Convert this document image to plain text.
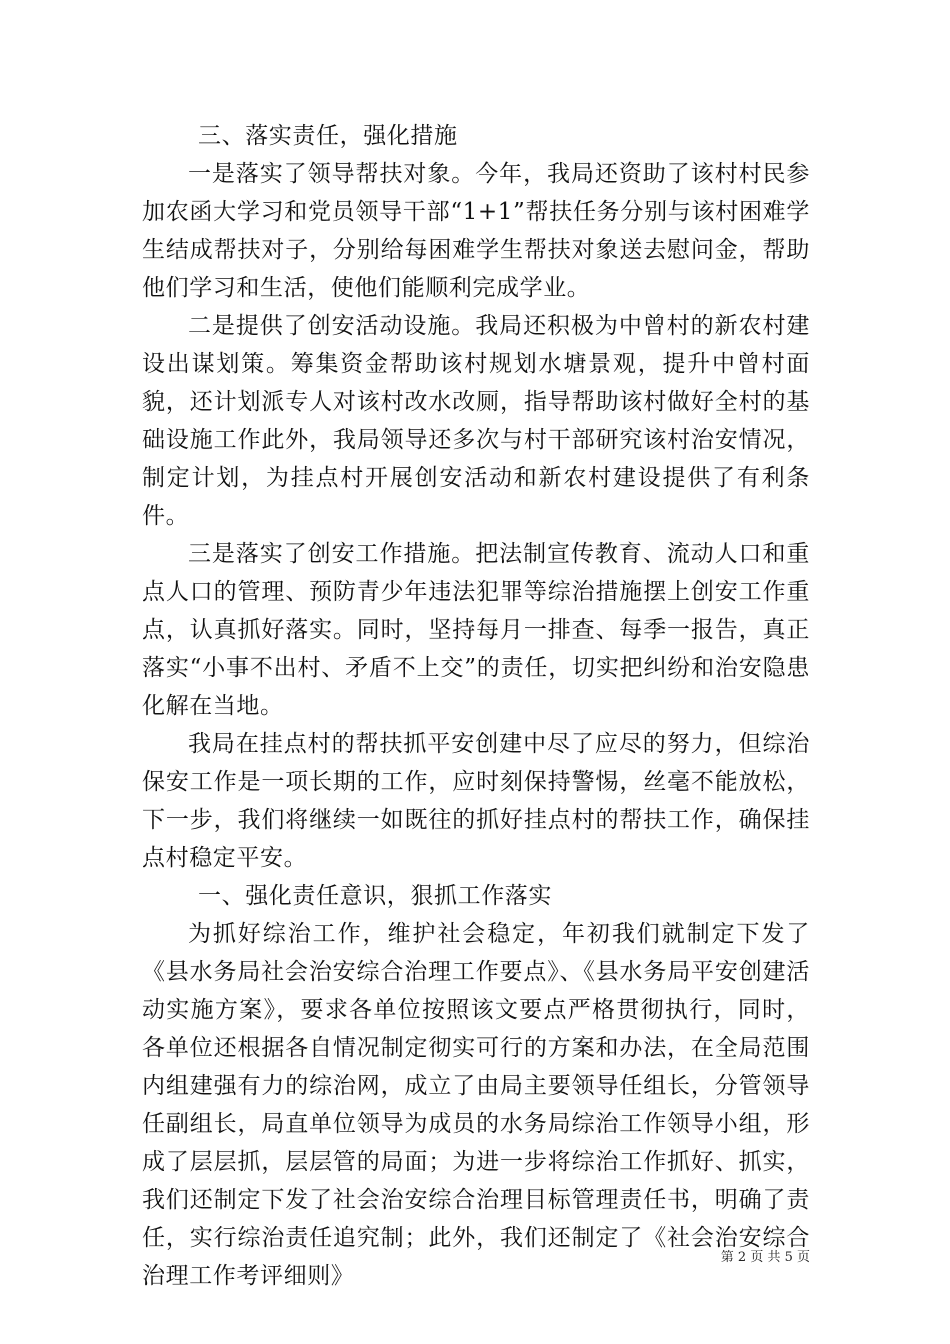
三、落实责任，强化措施

一是落实了领导帮扶对象。今年，我局还资助了该村村民参加农函大学习和党员领导干部“1+1”帮扶任务分别与该村困难学生结成帮扶对子，分别给每困难学生帮扶对象送去慰问金，帮助他们学习和生活，使他们能顺利完成学业。

二是提供了创安活动设施。我局还积极为中曾村的新农村建设出谋划策。筹集资金帮助该村规划水塘景观，提升中曾村面貌，还计划派专人对该村改水改厕，指导帮助该村做好全村的基础设施工作此外，我局领导还多次与村干部研究该村治安情况，制定计划，为挂点村开展创安活动和新农村建设提供了有利条件。

三是落实了创安工作措施。把法制宣传教育、流动人口和重点人口的管理、预防青少年违法犯罪等综治措施摆上创安工作重点，认真抓好落实。同时，坚持每月一排查、每季一报告，真正落实“小事不出村、矛盾不上交”的责任，切实把纠纷和治安隐患化解在当地。

我局在挂点村的帮扶抓平安创建中尽了应尽的努力，但综治保安工作是一项长期的工作，应时刻保持警惕，丝毫不能放松，下一步，我们将继续一如既往的抓好挂点村的帮扶工作，确保挂点村稳定平安。

一、强化责任意识，狠抓工作落实

为抓好综治工作，维护社会稳定，年初我们就制定下发了《县水务局社会治安综合治理工作要点》、《县水务局平安创建活动实施方案》，要求各单位按照该文要点严格贯彻执行，同时，各单位还根据各自情况制定彻实可行的方案和办法，在全局范围内组建强有力的综治网，成立了由局主要领导任组长，分管领导任副组长，局直单位领导为成员的水务局综治工作领导小组，形成了层层抓，层层管的局面；为进一步将综治工作抓好、抓实，我们还制定下发了社会治安综合治理目标管理责任书，明确了责任，实行综治责任追究制；此外，我们还制定了《社会治安综合治理工作考评细则》

第 2 页 共 5 页
